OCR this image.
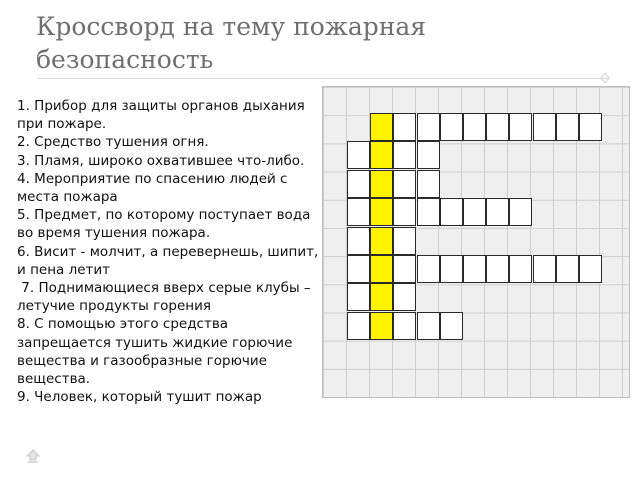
Кроссворд на тему пожарная безопасность

1. Прибор для защиты органов дыхания при пожаре.

2. Средство тушения огня.

3. Пламя, широко охватившее что-либо.

4. Мероприятие по спасению людей с места пожара

5. Предмет, по которому поступает вода во время тушения пожара.

6. Висит - молчит, а перевернешь, шипит, и пена летит

7. Поднимающиеся вверх серые клубы – летучие продукты горения

8. С помощью этого средства запрещается тушить жидкие горючие вещества и газообразные горючие вещества.

9. Человек, который тушит пожар
